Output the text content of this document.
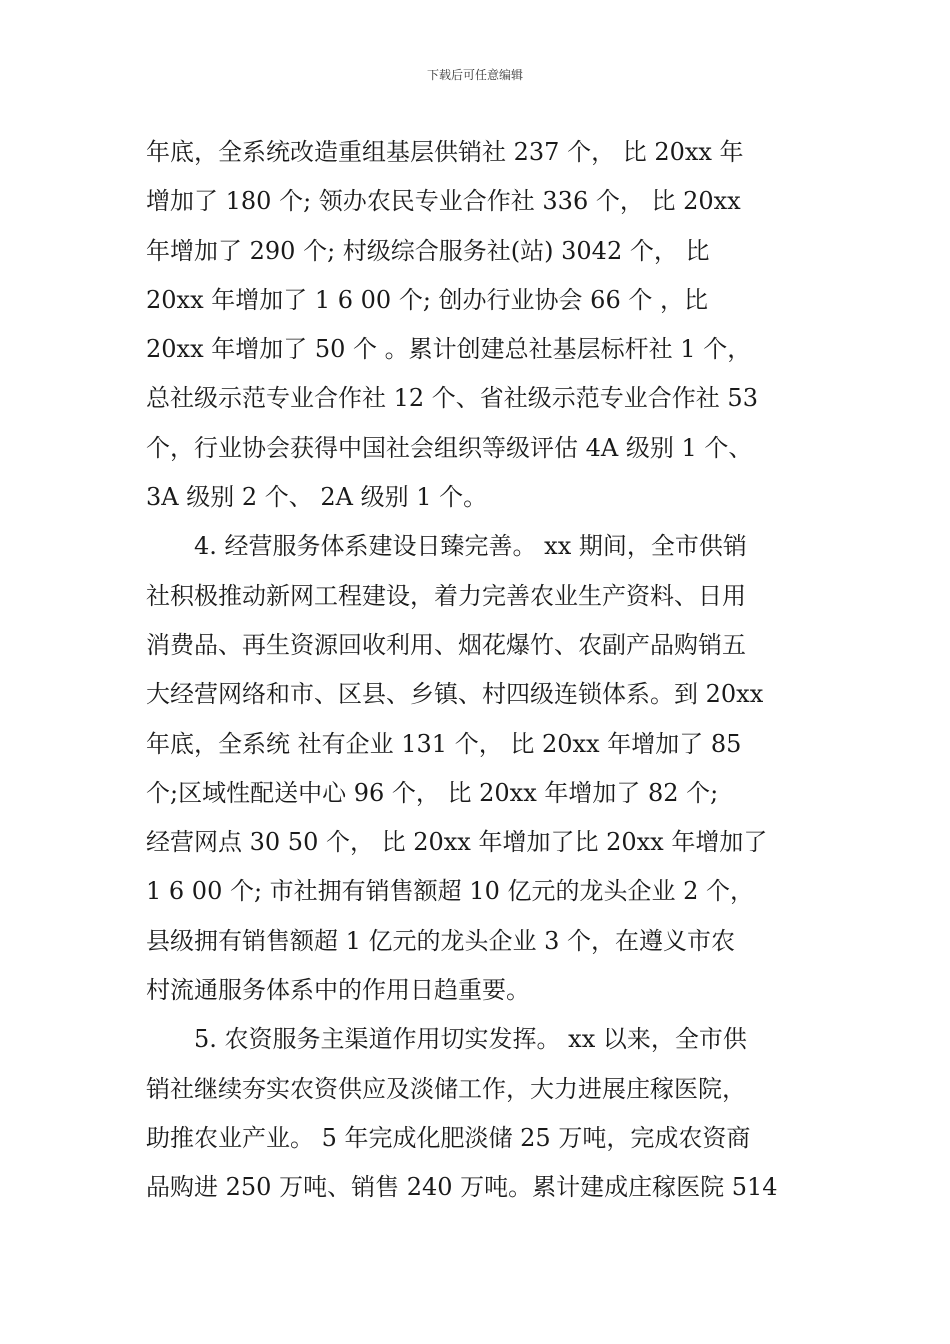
下载后可任意编辑
年底，全系统改造重组基层供销社 237 个， 比 20xx 年
增加了 180 个; 领办农民专业合作社 336 个， 比 20xx
年增加了 290 个; 村级综合服务社(站) 3042 个， 比
20xx 年增加了 1 6 00 个; 创办行业协会 66 个 ，比
20xx 年增加了 50 个 。累计创建总社基层标杆社 1 个，
总社级示范专业合作社 12 个、省社级示范专业合作社 53
个，行业协会获得中国社会组织等级评估 4A 级别 1 个、
3A 级别 2 个、 2A 级别 1 个。
4. 经营服务体系建设日臻完善。 xx 期间，全市供销
社积极推动新网工程建设，着力完善农业生产资料、日用
消费品、再生资源回收利用、烟花爆竹、农副产品购销五
大经营网络和市、区县、乡镇、村四级连锁体系。到 20xx
年底，全系统 社有企业 131 个， 比 20xx 年增加了 85
个;区域性配送中心 96 个， 比 20xx 年增加了 82 个;
经营网点 30 50 个， 比 20xx 年增加了比 20xx 年增加了
1 6 00 个; 市社拥有销售额超 10 亿元的龙头企业 2 个，
县级拥有销售额超 1 亿元的龙头企业 3 个，在遵义市农
村流通服务体系中的作用日趋重要。
5. 农资服务主渠道作用切实发挥。 xx 以来，全市供
销社继续夯实农资供应及淡储工作，大力进展庄稼医院，
助推农业产业。 5 年完成化肥淡储 25 万吨，完成农资商
品购进 250 万吨、销售 240 万吨。累计建成庄稼医院 514
